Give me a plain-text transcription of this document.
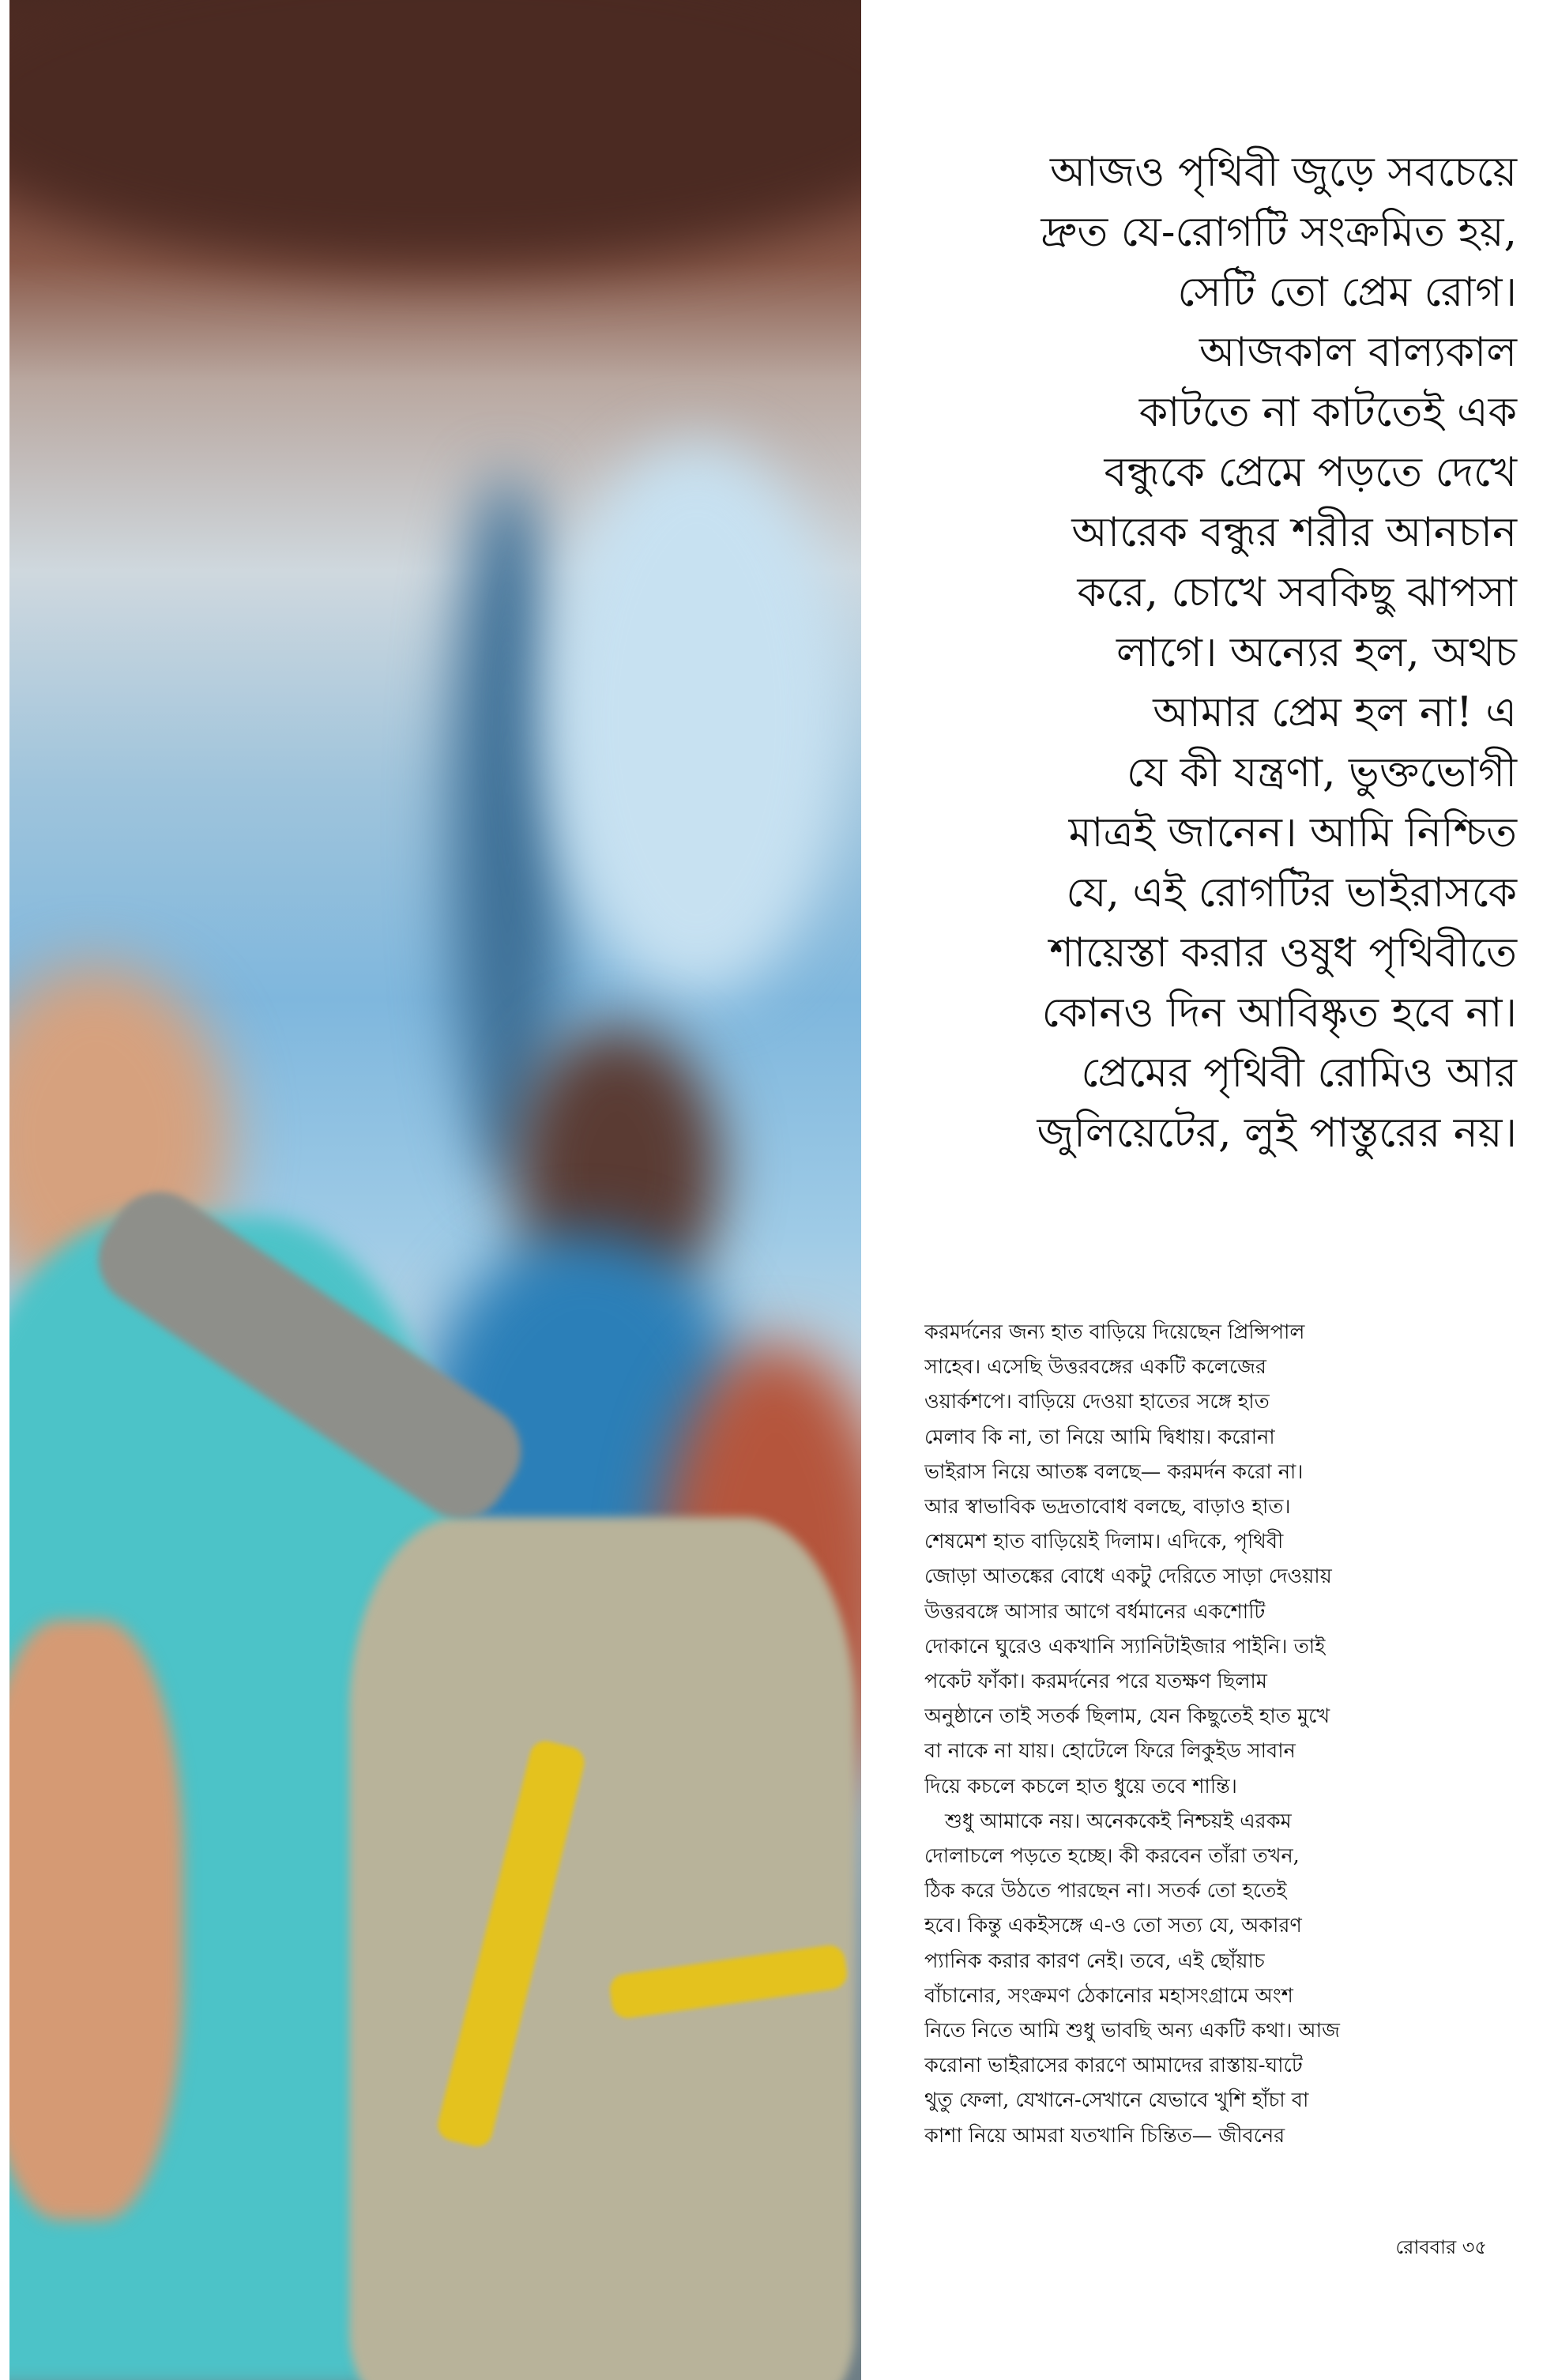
আজও পৃথিবী জুড়ে সবচেয়ে
দ্রুত যে-রোগটি সংক্রমিত হয়,
সেটি তো প্রেম রোগ।
আজকাল বাল্যকাল
কাটতে না কাটতেই এক
বন্ধুকে প্রেমে পড়তে দেখে
আরেক বন্ধুর শরীর আনচান
করে, চোখে সবকিছু ঝাপসা
লাগে। অন্যের হল, অথচ
আমার প্রেম হল না! এ
যে কী যন্ত্রণা, ভুক্তভোগী
মাত্রই জানেন। আমি নিশ্চিত
যে, এই রোগটির ভাইরাসকে
শায়েস্তা করার ওষুধ পৃথিবীতে
কোনও দিন আবিষ্কৃত হবে না।
প্রেমের পৃথিবী রোমিও আর
জুলিয়েটের, লুই পাস্তুরের নয়।
করমর্দনের জন্য হাত বাড়িয়ে দিয়েছেন প্রিন্সিপাল
সাহেব। এসেছি উত্তরবঙ্গের একটি কলেজের
ওয়ার্কশপে। বাড়িয়ে দেওয়া হাতের সঙ্গে হাত
মেলাব কি না, তা নিয়ে আমি দ্বিধায়। করোনা
ভাইরাস নিয়ে আতঙ্ক বলছে— করমর্দন করো না।
আর স্বাভাবিক ভদ্রতাবোধ বলছে, বাড়াও হাত।
শেষমেশ হাত বাড়িয়েই দিলাম। এদিকে, পৃথিবী
জোড়া আতঙ্কের বোধে একটু দেরিতে সাড়া দেওয়ায়
উত্তরবঙ্গে আসার আগে বর্ধমানের একশোটি
দোকানে ঘুরেও একখানি স্যানিটাইজার পাইনি। তাই
পকেট ফাঁকা। করমর্দনের পরে যতক্ষণ ছিলাম
অনুষ্ঠানে তাই সতর্ক ছিলাম, যেন কিছুতেই হাত মুখে
বা নাকে না যায়। হোটেলে ফিরে লিকুইড সাবান
দিয়ে কচলে কচলে হাত ধুয়ে তবে শান্তি।
শুধু আমাকে নয়। অনেককেই নিশ্চয়ই এরকম
দোলাচলে পড়তে হচ্ছে। কী করবেন তাঁরা তখন,
ঠিক করে উঠতে পারছেন না। সতর্ক তো হতেই
হবে। কিন্তু একইসঙ্গে এ-ও তো সত্য যে, অকারণ
প্যানিক করার কারণ নেই। তবে, এই ছোঁয়াচ
বাঁচানোর, সংক্রমণ ঠেকানোর মহাসংগ্রামে অংশ
নিতে নিতে আমি শুধু ভাবছি অন্য একটি কথা। আজ
করোনা ভাইরাসের কারণে আমাদের রাস্তায়-ঘাটে
থুতু ফেলা, যেখানে-সেখানে যেভাবে খুশি হাঁচা বা
কাশা নিয়ে আমরা যতখানি চিন্তিত— জীবনের
রোববার ৩৫
